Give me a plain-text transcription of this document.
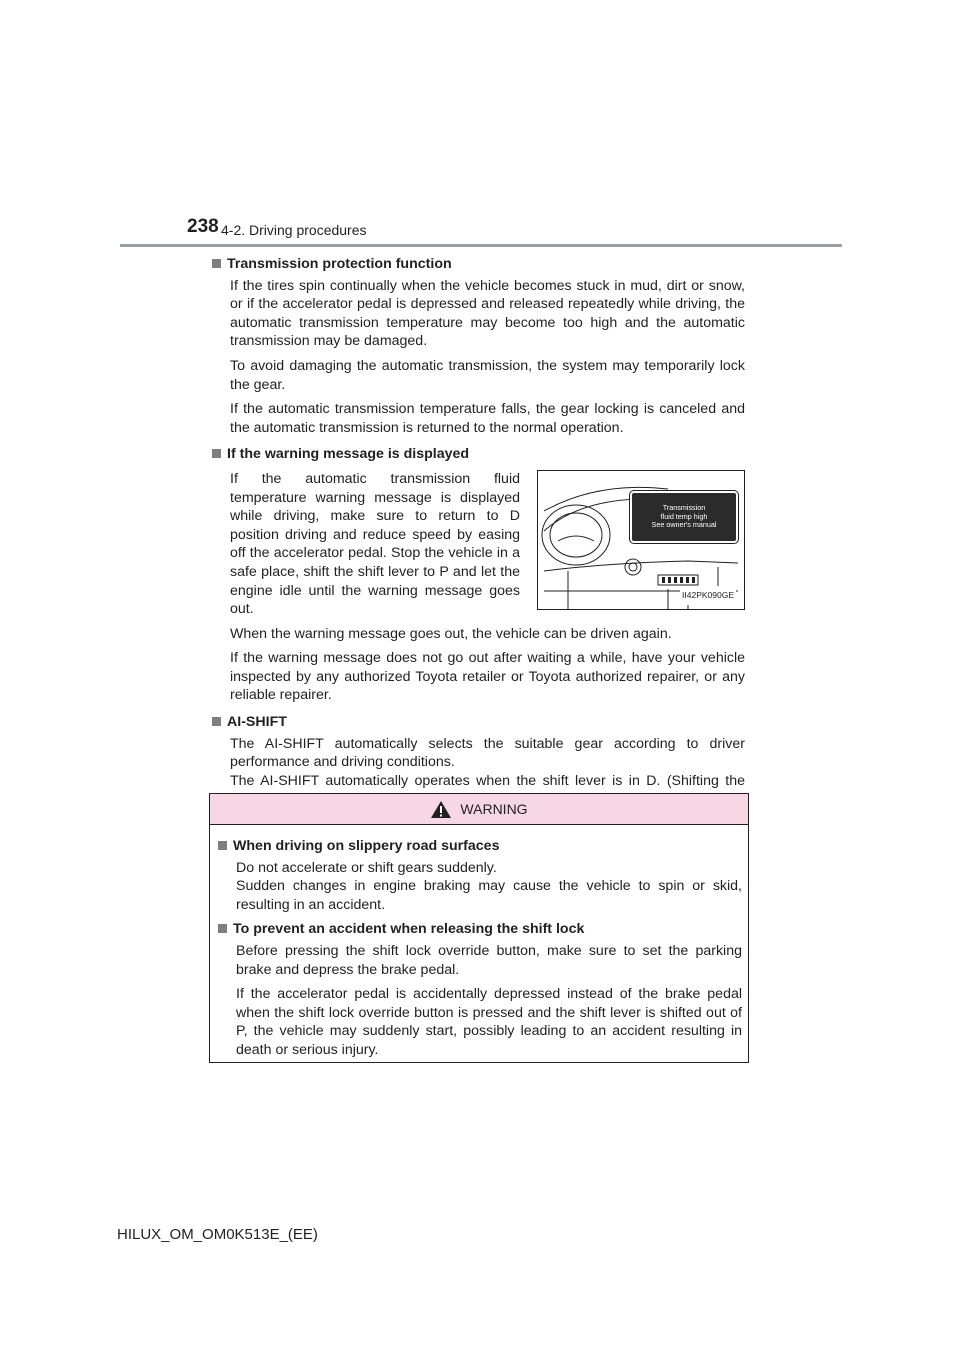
238 4-2. Driving procedures
Transmission protection function
If the tires spin continually when the vehicle becomes stuck in mud, dirt or snow, or if the accelerator pedal is depressed and released repeatedly while driving, the automatic transmission temperature may become too high and the automatic transmission may be damaged.
To avoid damaging the automatic transmission, the system may temporarily lock the gear.
If the automatic transmission temperature falls, the gear locking is canceled and the automatic transmission is returned to the normal operation.
If the warning message is displayed
If the automatic transmission fluid temperature warning message is displayed while driving, make sure to return to D position driving and reduce speed by easing off the accelerator pedal. Stop the vehicle in a safe place, shift the shift lever to P and let the engine idle until the warning message goes out.
Transmission
fluid temp high
See owner's manual
II42PK090GE
When the warning message goes out, the vehicle can be driven again.
If the warning message does not go out after waiting a while, have your vehicle inspected by any authorized Toyota retailer or Toyota authorized repairer, or any reliable repairer.
AI-SHIFT
The AI-SHIFT automatically selects the suitable gear according to driver performance and driving conditions.
The AI-SHIFT automatically operates when the shift lever is in D. (Shifting the
WARNING
When driving on slippery road surfaces
Do not accelerate or shift gears suddenly.
Sudden changes in engine braking may cause the vehicle to spin or skid, resulting in an accident.
To prevent an accident when releasing the shift lock
Before pressing the shift lock override button, make sure to set the parking brake and depress the brake pedal.
If the accelerator pedal is accidentally depressed instead of the brake pedal when the shift lock override button is pressed and the shift lever is shifted out of P, the vehicle may suddenly start, possibly leading to an accident resulting in death or serious injury.
HILUX_OM_OM0K513E_(EE)
